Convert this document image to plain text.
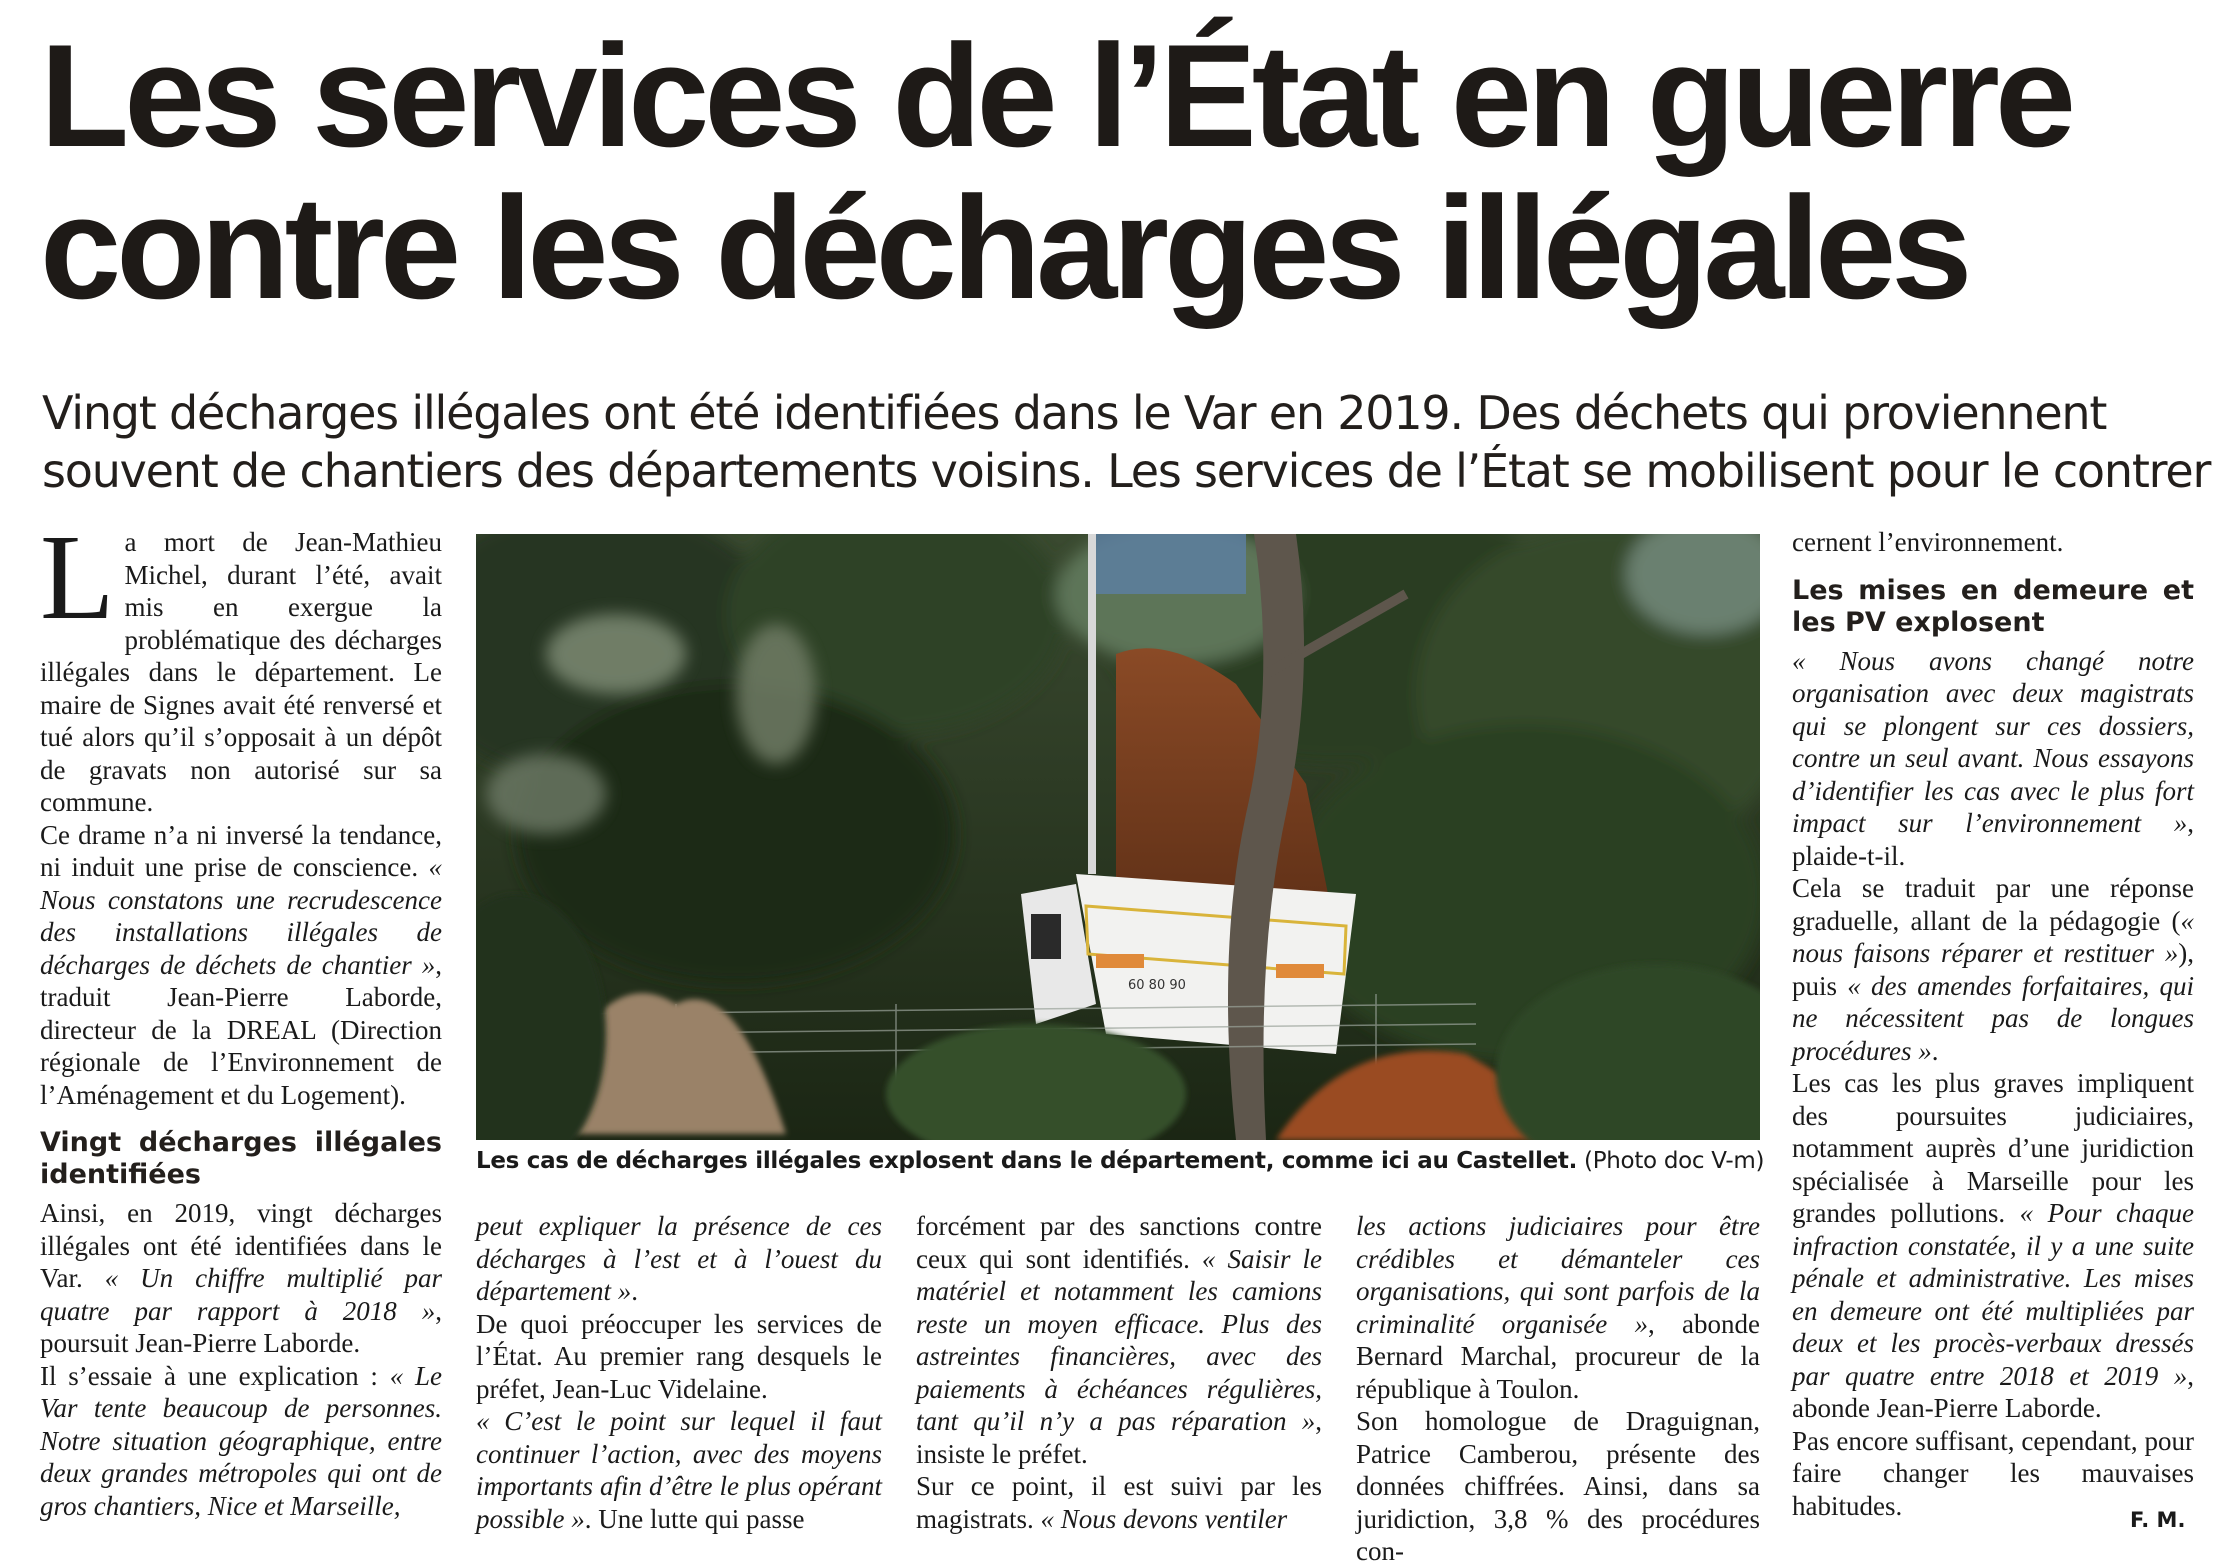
Les services de l’État en guerre
contre les décharges illégales

Vingt décharges illégales ont été identifiées dans le Var en 2019. Des déchets qui proviennent
souvent de chantiers des départements voisins. Les services de l’État se mobilisent pour le contrer

La mort de Jean-Mathieu Michel, durant l’été, avait mis en exergue la problématique des décharges illégales dans le département. Le maire de Signes avait été renversé et tué alors qu’il s’opposait à un dépôt de gravats non autorisé sur sa commune.

Ce drame n’a ni inversé la tendance, ni induit une prise de conscience. « Nous constatons une recrudescence des installations illégales de décharges de déchets de chantier », traduit Jean-Pierre Laborde, directeur de la DREAL (Direction régionale de l’Environnement de l’Aménagement et du Logement).

Vingt décharges illégales identifiées

Ainsi, en 2019, vingt décharges illégales ont été identifiées dans le Var. « Un chiffre multiplié par quatre par rapport à 2018 », poursuit Jean-Pierre Laborde.

Il s’essaie à une explication : « Le Var tente beaucoup de personnes. Notre situation géographique, entre deux grandes métropoles qui ont de gros chantiers, Nice et Marseille,

60 80 90
Les cas de décharges illégales explosent dans le département, comme ici au Castellet. (Photo doc V-m)

peut expliquer la présence de ces décharges à l’est et à l’ouest du département ».

De quoi préoccuper les services de l’État. Au premier rang desquels le préfet, Jean-Luc Videlaine.

« C’est le point sur lequel il faut continuer l’action, avec des moyens importants afin d’être le plus opérant possible ». Une lutte qui passe

forcément par des sanctions contre ceux qui sont identifiés. « Saisir le matériel et notamment les camions reste un moyen efficace. Plus des astreintes financières, avec des paiements à échéances régulières, tant qu’il n’y a pas réparation », insiste le préfet.

Sur ce point, il est suivi par les magistrats. « Nous devons ventiler

les actions judiciaires pour être crédibles et démanteler ces organisations, qui sont parfois de la criminalité organisée », abonde Bernard Marchal, procureur de la république à Toulon.

Son homologue de Draguignan, Patrice Camberou, présente des données chiffrées. Ainsi, dans sa juridiction, 3,8 % des procédures con-

cernent l’environnement.

Les mises en demeure et les PV explosent

« Nous avons changé notre organisation avec deux magistrats qui se plongent sur ces dossiers, contre un seul avant. Nous essayons d’identifier les cas avec le plus fort impact sur l’environnement », plaide-t-il.

Cela se traduit par une réponse graduelle, allant de la pédagogie (« nous faisons réparer et restituer »), puis « des amendes forfaitaires, qui ne nécessitent pas de longues procédures ».

Les cas les plus graves impliquent des poursuites judiciaires, notamment auprès d’une juridiction spécialisée à Marseille pour les grandes pollutions. « Pour chaque infraction constatée, il y a une suite pénale et administrative. Les mises en demeure ont été multipliées par deux et les procès-verbaux dressés par quatre entre 2018 et 2019 », abonde Jean-Pierre Laborde.

Pas encore suffisant, cependant, pour faire changer les mauvaises habitudes.	F. M.
